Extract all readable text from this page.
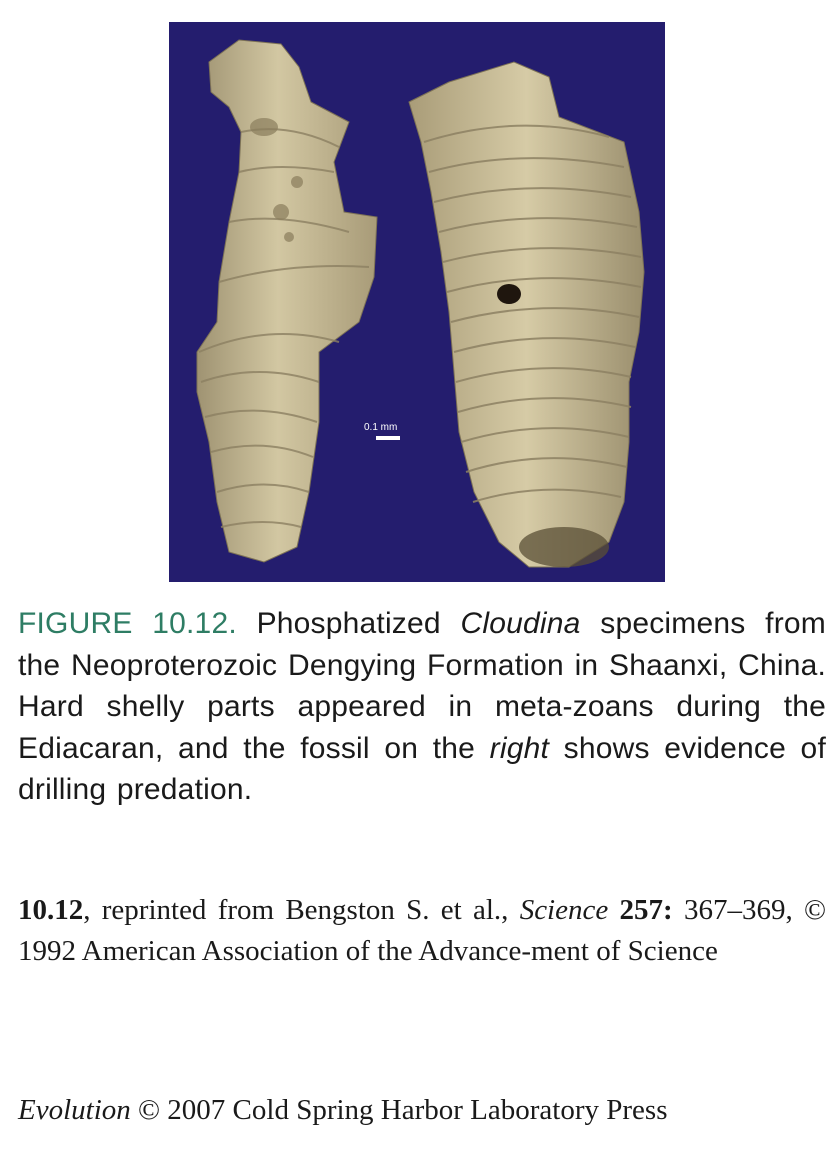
0.1 mm
FIGURE 10.12. Phosphatized Cloudina specimens from the Neoproterozoic Dengying Formation in Shaanxi, China. Hard shelly parts appeared in meta-zoans during the Ediacaran, and the fossil on the right shows evidence of drilling predation.
10.12, reprinted from Bengston S. et al., Science 257: 367–369, © 1992 American Association of the Advance-ment of Science
Evolution © 2007 Cold Spring Harbor Laboratory Press
